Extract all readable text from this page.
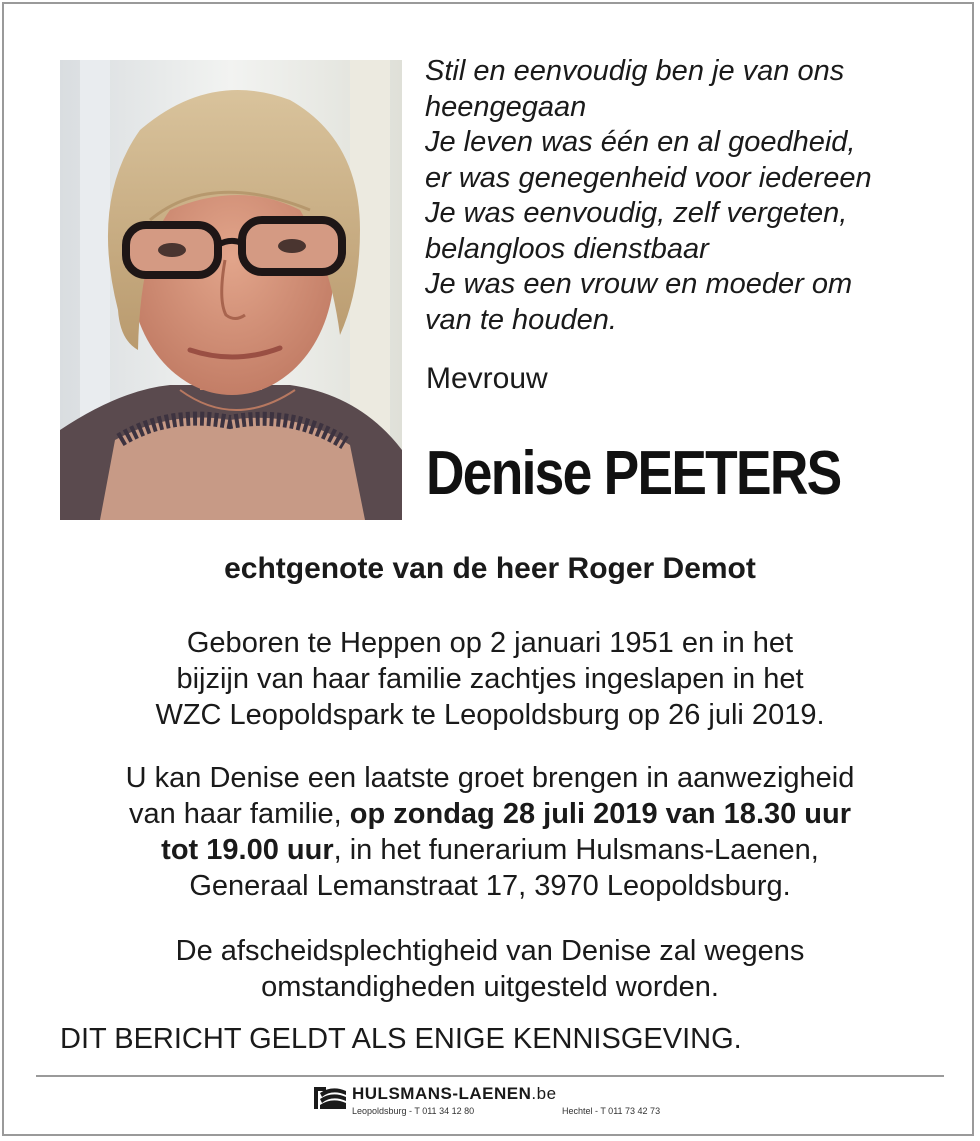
Stil en eenvoudig ben je van ons
heengegaan
Je leven was één en al goedheid,
er was genegenheid voor iedereen
Je was eenvoudig, zelf vergeten,
belangloos dienstbaar
Je was een vrouw en moeder om
van te houden.
Mevrouw
Denise PEETERS
echtgenote van de heer Roger Demot
Geboren te Heppen op 2 januari 1951 en in het
bijzijn van haar familie zachtjes ingeslapen in het
WZC Leopoldspark te Leopoldsburg op 26 juli 2019.
U kan Denise een laatste groet brengen in aanwezigheid
van haar familie, op zondag 28 juli 2019 van 18.30 uur
tot 19.00 uur, in het funerarium Hulsmans-Laenen,
Generaal Lemanstraat 17, 3970 Leopoldsburg.
De afscheidsplechtigheid van Denise zal wegens
omstandigheden uitgesteld worden.
DIT BERICHT GELDT ALS ENIGE KENNISGEVING.
HULSMANS-LAENEN.be
Leopoldsburg - T 011 34 12 80	Hechtel - T 011 73 42 73
